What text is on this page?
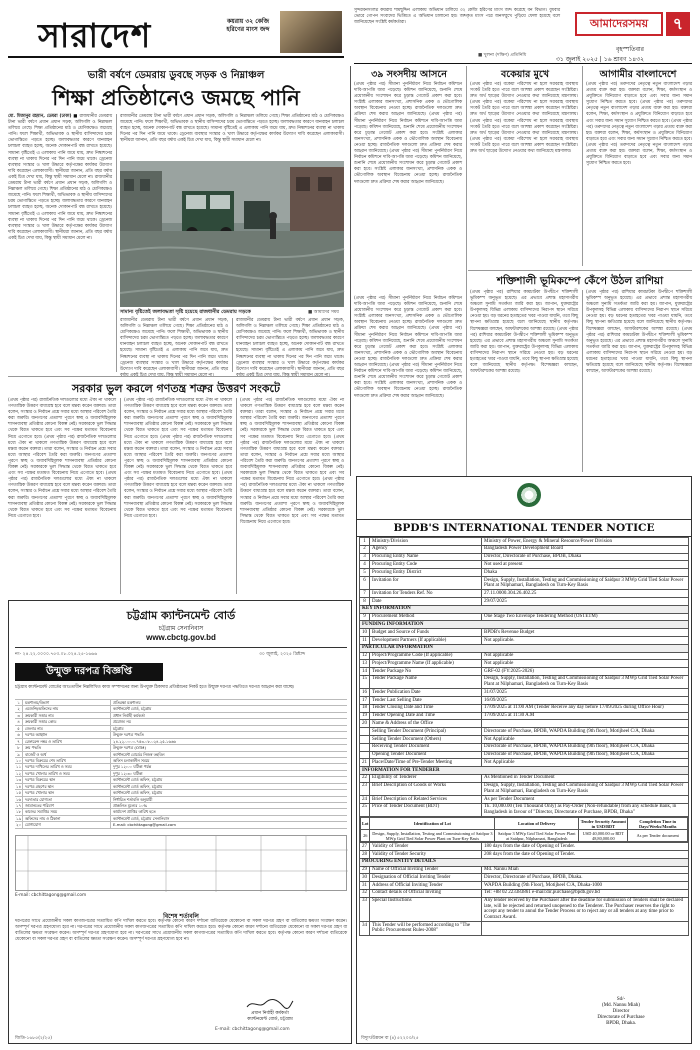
সারাদেশ	কয়রায় ৩২ কেজি হরিণের মাংস জব্দ
সুন্দরবনসংলগ্ন কয়রায় শামছুদ্দিন এলাকায় অভিযান চালিয়ে ৩২ কেজি হরিণের মাংস জব্দ করেছে বন বিভাগ। বুধবার ভোরে গোপন সংবাদের ভিত্তিতে এ অভিযান চালানো হয়। জব্দকৃত মাংস পরে জনসম্মুখে পুড়িয়ে ফেলা হয়েছে বলে জানিয়েছেন সংশ্লিষ্ট কর্মকর্তারা।
■ খুলনা (দক্ষিণ) প্রতিনিধি
আমাদেরসময়	৭
বৃহস্পতিবার
৩১ জুলাই ২০২৫ | ১৬ শ্রাবণ ১৪৩২
ভারী বর্ষণে ডেমরায় ডুবছে সড়ক ও নিম্নাঞ্চল
শিক্ষা প্রতিষ্ঠানেও জমছে পানি
মো. মিজানুর রহমান, ডেমরা (ঢাকা) ■ রাজধানীর ডেমরায় টানা ভারী বর্ষণে প্রধান প্রধান সড়ক, অলিগলি ও নিম্নাঞ্চল তলিয়ে গেছে। শিক্ষা প্রতিষ্ঠানের মাঠ ও শ্রেণিকক্ষেও জমেছে পানি। ফলে শিক্ষার্থী, অভিভাবক ও স্থানীয় বাসিন্দাদের চরম ভোগান্তিতে পড়তে হচ্ছে। জলাবদ্ধতার কারণে যানবাহন চলাচল ব্যাহত হচ্ছে, অনেক দোকানপাট বন্ধ রাখতে হয়েছে। সামান্য বৃষ্টিতেই এ এলাকায় পানি জমে যায়, দ্রুত নিষ্কাশনের ব্যবস্থা না থাকায় দিনের পর দিন পানি জমে থাকে। ড্রেনেজ ব্যবস্থার সংস্কার ও খাল উদ্ধারে কর্তৃপক্ষের কার্যকর উদ্যোগ দাবি করেছেন এলাকাবাসী। স্থানীয়রা জানান, প্রতি বছর বর্ষায় একই চিত্র দেখা যায়, কিন্তু স্থায়ী সমাধান মেলে না। রাজধানীর ডেমরায় টানা ভারী বর্ষণে প্রধান প্রধান সড়ক, অলিগলি ও নিম্নাঞ্চল তলিয়ে গেছে। শিক্ষা প্রতিষ্ঠানের মাঠ ও শ্রেণিকক্ষেও জমেছে পানি। ফলে শিক্ষার্থী, অভিভাবক ও স্থানীয় বাসিন্দাদের চরম ভোগান্তিতে পড়তে হচ্ছে। জলাবদ্ধতার কারণে যানবাহন চলাচল ব্যাহত হচ্ছে, অনেক দোকানপাট বন্ধ রাখতে হয়েছে। সামান্য বৃষ্টিতেই এ এলাকায় পানি জমে যায়, দ্রুত নিষ্কাশনের ব্যবস্থা না থাকায় দিনের পর দিন পানি জমে থাকে। ড্রেনেজ ব্যবস্থার সংস্কার ও খাল উদ্ধারে কর্তৃপক্ষের কার্যকর উদ্যোগ দাবি করেছেন এলাকাবাসী। স্থানীয়রা জানান, প্রতি বছর বর্ষায় একই চিত্র দেখা যায়, কিন্তু স্থায়ী সমাধান মেলে না।
রাজধানীর ডেমরায় টানা ভারী বর্ষণে প্রধান প্রধান সড়ক, অলিগলি ও নিম্নাঞ্চল তলিয়ে গেছে। শিক্ষা প্রতিষ্ঠানের মাঠ ও শ্রেণিকক্ষেও জমেছে পানি। ফলে শিক্ষার্থী, অভিভাবক ও স্থানীয় বাসিন্দাদের চরম ভোগান্তিতে পড়তে হচ্ছে। জলাবদ্ধতার কারণে যানবাহন চলাচল ব্যাহত হচ্ছে, অনেক দোকানপাট বন্ধ রাখতে হয়েছে। সামান্য বৃষ্টিতেই এ এলাকায় পানি জমে যায়, দ্রুত নিষ্কাশনের ব্যবস্থা না থাকায় দিনের পর দিন পানি জমে থাকে। ড্রেনেজ ব্যবস্থার সংস্কার ও খাল উদ্ধারে কর্তৃপক্ষের কার্যকর উদ্যোগ দাবি করেছেন এলাকাবাসী। স্থানীয়রা জানান, প্রতি বছর বর্ষায় একই চিত্র দেখা যায়, কিন্তু স্থায়ী সমাধান মেলে না।
সামান্য বৃষ্টিতেই জলাবদ্ধতা সৃষ্টি হয়েছে রাজধানীর ডেমরায় সড়কে	■ আমাদের সময়
রাজধানীর ডেমরায় টানা ভারী বর্ষণে প্রধান প্রধান সড়ক, অলিগলি ও নিম্নাঞ্চল তলিয়ে গেছে। শিক্ষা প্রতিষ্ঠানের মাঠ ও শ্রেণিকক্ষেও জমেছে পানি। ফলে শিক্ষার্থী, অভিভাবক ও স্থানীয় বাসিন্দাদের চরম ভোগান্তিতে পড়তে হচ্ছে। জলাবদ্ধতার কারণে যানবাহন চলাচল ব্যাহত হচ্ছে, অনেক দোকানপাট বন্ধ রাখতে হয়েছে। সামান্য বৃষ্টিতেই এ এলাকায় পানি জমে যায়, দ্রুত নিষ্কাশনের ব্যবস্থা না থাকায় দিনের পর দিন পানি জমে থাকে। ড্রেনেজ ব্যবস্থার সংস্কার ও খাল উদ্ধারে কর্তৃপক্ষের কার্যকর উদ্যোগ দাবি করেছেন এলাকাবাসী। স্থানীয়রা জানান, প্রতি বছর
রাজধানীর ডেমরায় টানা ভারী বর্ষণে প্রধান প্রধান সড়ক, অলিগলি ও নিম্নাঞ্চল তলিয়ে গেছে। শিক্ষা প্রতিষ্ঠানের মাঠ ও শ্রেণিকক্ষেও জমেছে পানি। ফলে শিক্ষার্থী, অভিভাবক ও স্থানীয় বাসিন্দাদের চরম ভোগান্তিতে পড়তে হচ্ছে। জলাবদ্ধতার কারণে যানবাহন চলাচল ব্যাহত হচ্ছে, অনেক দোকানপাট বন্ধ রাখতে হয়েছে। সামান্য বৃষ্টিতেই এ এলাকায় পানি জমে যায়, দ্রুত নিষ্কাশনের ব্যবস্থা না থাকায় দিনের পর দিন পানি জমে থাকে। ড্রেনেজ ব্যবস্থার সংস্কার ও খাল উদ্ধারে কর্তৃপক্ষের কার্যকর উদ্যোগ দাবি করেছেন এলাকাবাসী। স্থানীয়রা জানান, প্রতি বছর
সরকার ভুল করলে গণতন্ত্র শত্রুর উত্তরণ সংকটে
(প্রথম পৃষ্ঠার পর) রাজনৈতিক দলগুলোর মধ্যে ঐক্য না থাকলে গণতান্ত্রিক উত্তরণ বাধাগ্রস্ত হবে বলে মন্তব্য করেন বক্তারা। তারা বলেন, সংস্কার ও নির্বাচন প্রশ্নে সবার মধ্যে আস্থার পরিবেশ তৈরি করা জরুরি। জনগণের প্রত্যাশা পূরণে স্বচ্ছ ও জবাবদিহিমূলক শাসনব্যবস্থা প্রতিষ্ঠার কোনো বিকল্প নেই। সরকারকে ভুল সিদ্ধান্ত থেকে বিরত থাকতে হবে এবং সব পক্ষের মতামত বিবেচনায় নিয়ে এগোতে হবে। (প্রথম পৃষ্ঠার পর) রাজনৈতিক দলগুলোর মধ্যে ঐক্য না থাকলে গণতান্ত্রিক উত্তরণ বাধাগ্রস্ত হবে বলে মন্তব্য করেন বক্তারা। তারা বলেন, সংস্কার ও নির্বাচন প্রশ্নে সবার মধ্যে আস্থার পরিবেশ তৈরি করা জরুরি। জনগণের প্রত্যাশা পূরণে স্বচ্ছ ও জবাবদিহিমূলক শাসনব্যবস্থা প্রতিষ্ঠার কোনো বিকল্প নেই। সরকারকে ভুল সিদ্ধান্ত থেকে বিরত থাকতে হবে এবং সব পক্ষের মতামত বিবেচনায় নিয়ে এগোতে হবে। (প্রথম পৃষ্ঠার পর) রাজনৈতিক দলগুলোর মধ্যে ঐক্য না থাকলে গণতান্ত্রিক উত্তরণ বাধাগ্রস্ত হবে বলে মন্তব্য করেন বক্তারা। তারা বলেন, সংস্কার ও নির্বাচন প্রশ্নে সবার মধ্যে আস্থার পরিবেশ তৈরি করা জরুরি। জনগণের প্রত্যাশা পূরণে স্বচ্ছ ও জবাবদিহিমূলক শাসনব্যবস্থা প্রতিষ্ঠার কোনো বিকল্প নেই। সরকারকে ভুল সিদ্ধান্ত থেকে বিরত থাকতে হবে এবং সব পক্ষের মতামত বিবেচনায় নিয়ে এগোতে হবে।
(প্রথম পৃষ্ঠার পর) রাজনৈতিক দলগুলোর মধ্যে ঐক্য না থাকলে গণতান্ত্রিক উত্তরণ বাধাগ্রস্ত হবে বলে মন্তব্য করেন বক্তারা। তারা বলেন, সংস্কার ও নির্বাচন প্রশ্নে সবার মধ্যে আস্থার পরিবেশ তৈরি করা জরুরি। জনগণের প্রত্যাশা পূরণে স্বচ্ছ ও জবাবদিহিমূলক শাসনব্যবস্থা প্রতিষ্ঠার কোনো বিকল্প নেই। সরকারকে ভুল সিদ্ধান্ত থেকে বিরত থাকতে হবে এবং সব পক্ষের মতামত বিবেচনায় নিয়ে এগোতে হবে। (প্রথম পৃষ্ঠার পর) রাজনৈতিক দলগুলোর মধ্যে ঐক্য না থাকলে গণতান্ত্রিক উত্তরণ বাধাগ্রস্ত হবে বলে মন্তব্য করেন বক্তারা। তারা বলেন, সংস্কার ও নির্বাচন প্রশ্নে সবার মধ্যে আস্থার পরিবেশ তৈরি করা জরুরি। জনগণের প্রত্যাশা পূরণে স্বচ্ছ ও জবাবদিহিমূলক শাসনব্যবস্থা প্রতিষ্ঠার কোনো বিকল্প নেই। সরকারকে ভুল সিদ্ধান্ত থেকে বিরত থাকতে হবে এবং সব পক্ষের মতামত বিবেচনায় নিয়ে এগোতে হবে। (প্রথম পৃষ্ঠার পর) রাজনৈতিক দলগুলোর মধ্যে ঐক্য না থাকলে গণতান্ত্রিক উত্তরণ বাধাগ্রস্ত হবে বলে মন্তব্য করেন বক্তারা। তারা বলেন, সংস্কার ও নির্বাচন প্রশ্নে সবার মধ্যে আস্থার পরিবেশ তৈরি করা জরুরি। জনগণের প্রত্যাশা পূরণে স্বচ্ছ ও জবাবদিহিমূলক শাসনব্যবস্থা প্রতিষ্ঠার কোনো বিকল্প নেই। সরকারকে ভুল সিদ্ধান্ত থেকে বিরত থাকতে হবে এবং সব পক্ষের মতামত বিবেচনায় নিয়ে এগোতে হবে।
(প্রথম পৃষ্ঠার পর) রাজনৈতিক দলগুলোর মধ্যে ঐক্য না থাকলে গণতান্ত্রিক উত্তরণ বাধাগ্রস্ত হবে বলে মন্তব্য করেন বক্তারা। তারা বলেন, সংস্কার ও নির্বাচন প্রশ্নে সবার মধ্যে আস্থার পরিবেশ তৈরি করা জরুরি। জনগণের প্রত্যাশা পূরণে স্বচ্ছ ও জবাবদিহিমূলক শাসনব্যবস্থা প্রতিষ্ঠার কোনো বিকল্প নেই। সরকারকে ভুল সিদ্ধান্ত থেকে বিরত থাকতে হবে এবং সব পক্ষের মতামত বিবেচনায় নিয়ে এগোতে হবে। (প্রথম পৃষ্ঠার পর) রাজনৈতিক দলগুলোর মধ্যে ঐক্য না থাকলে গণতান্ত্রিক উত্তরণ বাধাগ্রস্ত হবে বলে মন্তব্য করেন বক্তারা। তারা বলেন, সংস্কার ও নির্বাচন প্রশ্নে সবার মধ্যে আস্থার পরিবেশ তৈরি করা জরুরি। জনগণের প্রত্যাশা পূরণে স্বচ্ছ ও জবাবদিহিমূলক শাসনব্যবস্থা প্রতিষ্ঠার কোনো বিকল্প নেই। সরকারকে ভুল সিদ্ধান্ত থেকে বিরত থাকতে হবে এবং সব পক্ষের মতামত বিবেচনায় নিয়ে এগোতে হবে। (প্রথম পৃষ্ঠার পর) রাজনৈতিক দলগুলোর মধ্যে ঐক্য না থাকলে গণতান্ত্রিক উত্তরণ বাধাগ্রস্ত হবে বলে মন্তব্য করেন বক্তারা। তারা বলেন, সংস্কার ও নির্বাচন প্রশ্নে সবার মধ্যে আস্থার পরিবেশ তৈরি করা জরুরি। জনগণের প্রত্যাশা পূরণে স্বচ্ছ ও জবাবদিহিমূলক শাসনব্যবস্থা প্রতিষ্ঠার কোনো বিকল্প নেই। সরকারকে ভুল সিদ্ধান্ত থেকে বিরত থাকতে হবে এবং সব পক্ষের মতামত বিবেচনায় নিয়ে এগোতে হবে।
৩৯ সংসদীয় আসনে
(প্রথম পৃষ্ঠার পর) সীমানা পুনর্নির্ধারণ নিয়ে নির্বাচন কমিশনে দাবি-আপত্তি জমা পড়েছে। কমিশন জানিয়েছে, শুনানি শেষে প্রয়োজনীয় সংশোধন করে চূড়ান্ত গেজেট প্রকাশ করা হবে। সংশ্লিষ্ট এলাকার জনসংখ্যা, প্রশাসনিক একক ও ভৌগোলিক অবস্থান বিবেচনায় নেওয়া হচ্ছে। রাজনৈতিক দলগুলো দ্রুত প্রক্রিয়া শেষ করার আহ্বান জানিয়েছে। (প্রথম পৃষ্ঠার পর) সীমানা পুনর্নির্ধারণ নিয়ে নির্বাচন কমিশনে দাবি-আপত্তি জমা পড়েছে। কমিশন জানিয়েছে, শুনানি শেষে প্রয়োজনীয় সংশোধন করে চূড়ান্ত গেজেট প্রকাশ করা হবে। সংশ্লিষ্ট এলাকার জনসংখ্যা, প্রশাসনিক একক ও ভৌগোলিক অবস্থান বিবেচনায় নেওয়া হচ্ছে। রাজনৈতিক দলগুলো দ্রুত প্রক্রিয়া শেষ করার আহ্বান জানিয়েছে। (প্রথম পৃষ্ঠার পর) সীমানা পুনর্নির্ধারণ নিয়ে নির্বাচন কমিশনে দাবি-আপত্তি জমা পড়েছে। কমিশন জানিয়েছে, শুনানি শেষে প্রয়োজনীয় সংশোধন করে চূড়ান্ত গেজেট প্রকাশ করা হবে। সংশ্লিষ্ট এলাকার জনসংখ্যা, প্রশাসনিক একক ও ভৌগোলিক অবস্থান বিবেচনায় নেওয়া হচ্ছে। রাজনৈতিক দলগুলো দ্রুত প্রক্রিয়া শেষ করার আহ্বান জানিয়েছে।
(প্রথম পৃষ্ঠার পর) সীমানা পুনর্নির্ধারণ নিয়ে নির্বাচন কমিশনে দাবি-আপত্তি জমা পড়েছে। কমিশন জানিয়েছে, শুনানি শেষে প্রয়োজনীয় সংশোধন করে চূড়ান্ত গেজেট প্রকাশ করা হবে। সংশ্লিষ্ট এলাকার জনসংখ্যা, প্রশাসনিক একক ও ভৌগোলিক অবস্থান বিবেচনায় নেওয়া হচ্ছে। রাজনৈতিক দলগুলো দ্রুত প্রক্রিয়া শেষ করার আহ্বান জানিয়েছে। (প্রথম পৃষ্ঠার পর) সীমানা পুনর্নির্ধারণ নিয়ে নির্বাচন কমিশনে দাবি-আপত্তি জমা পড়েছে। কমিশন জানিয়েছে, শুনানি শেষে প্রয়োজনীয় সংশোধন করে চূড়ান্ত গেজেট প্রকাশ করা হবে। সংশ্লিষ্ট এলাকার জনসংখ্যা, প্রশাসনিক একক ও ভৌগোলিক অবস্থান বিবেচনায় নেওয়া হচ্ছে। রাজনৈতিক দলগুলো দ্রুত প্রক্রিয়া শেষ করার আহ্বান জানিয়েছে। (প্রথম পৃষ্ঠার পর) সীমানা পুনর্নির্ধারণ নিয়ে নির্বাচন কমিশনে দাবি-আপত্তি জমা পড়েছে। কমিশন জানিয়েছে, শুনানি শেষে প্রয়োজনীয় সংশোধন করে চূড়ান্ত গেজেট প্রকাশ করা হবে। সংশ্লিষ্ট এলাকার জনসংখ্যা, প্রশাসনিক একক ও ভৌগোলিক অবস্থান বিবেচনায় নেওয়া হচ্ছে। রাজনৈতিক দলগুলো দ্রুত প্রক্রিয়া শেষ করার আহ্বান জানিয়েছে।
বকেয়ার মুখে
(প্রথম পৃষ্ঠার পর) বকেয়া পরিশোধ না হলে সরবরাহ ব্যবস্থায় সংকট তৈরি হতে পারে বলে আশঙ্কা প্রকাশ করেছেন সংশ্লিষ্টরা। দ্রুত অর্থ ছাড়ের উদ্যোগ নেওয়ার কথা জানিয়েছে মন্ত্রণালয়। (প্রথম পৃষ্ঠার পর) বকেয়া পরিশোধ না হলে সরবরাহ ব্যবস্থায় সংকট তৈরি হতে পারে বলে আশঙ্কা প্রকাশ করেছেন সংশ্লিষ্টরা। দ্রুত অর্থ ছাড়ের উদ্যোগ নেওয়ার কথা জানিয়েছে মন্ত্রণালয়। (প্রথম পৃষ্ঠার পর) বকেয়া পরিশোধ না হলে সরবরাহ ব্যবস্থায় সংকট তৈরি হতে পারে বলে আশঙ্কা প্রকাশ করেছেন সংশ্লিষ্টরা। দ্রুত অর্থ ছাড়ের উদ্যোগ নেওয়ার কথা জানিয়েছে মন্ত্রণালয়। (প্রথম পৃষ্ঠার পর) বকেয়া পরিশোধ না হলে সরবরাহ ব্যবস্থায় সংকট তৈরি হতে পারে বলে আশঙ্কা প্রকাশ করেছেন সংশ্লিষ্টরা। দ্রুত অর্থ ছাড়ের উদ্যোগ নেওয়ার কথা জানিয়েছে মন্ত্রণালয়।
আগামীর বাংলাদেশে
(প্রথম পৃষ্ঠার পর) তরুণদের নেতৃত্বে নতুন বাংলাদেশ গড়ার প্রত্যয় ব্যক্ত করা হয়। বক্তারা বলেন, শিক্ষা, কর্মসংস্থান ও প্রযুক্তিতে বিনিয়োগ বাড়াতে হবে এবং সবার জন্য সমান সুযোগ নিশ্চিত করতে হবে। (প্রথম পৃষ্ঠার পর) তরুণদের নেতৃত্বে নতুন বাংলাদেশ গড়ার প্রত্যয় ব্যক্ত করা হয়। বক্তারা বলেন, শিক্ষা, কর্মসংস্থান ও প্রযুক্তিতে বিনিয়োগ বাড়াতে হবে এবং সবার জন্য সমান সুযোগ নিশ্চিত করতে হবে। (প্রথম পৃষ্ঠার পর) তরুণদের নেতৃত্বে নতুন বাংলাদেশ গড়ার প্রত্যয় ব্যক্ত করা হয়। বক্তারা বলেন, শিক্ষা, কর্মসংস্থান ও প্রযুক্তিতে বিনিয়োগ বাড়াতে হবে এবং সবার জন্য সমান সুযোগ নিশ্চিত করতে হবে। (প্রথম পৃষ্ঠার পর) তরুণদের নেতৃত্বে নতুন বাংলাদেশ গড়ার প্রত্যয় ব্যক্ত করা হয়। বক্তারা বলেন, শিক্ষা, কর্মসংস্থান ও প্রযুক্তিতে বিনিয়োগ বাড়াতে হবে এবং সবার জন্য সমান সুযোগ নিশ্চিত করতে হবে।
শক্তিশালী ভূমিকম্পে কেঁপে উঠল রাশিয়া
(প্রথম পৃষ্ঠার পর) রাশিয়ার কামচাটকা উপদ্বীপে শক্তিশালী ভূমিকম্প অনুভূত হয়েছে। এর প্রভাবে প্রশান্ত মহাসাগরীয় অঞ্চলে সুনামি সতর্কতা জারি করা হয়। জাপান, যুক্তরাষ্ট্রের উপকূলসহ বিভিন্ন এলাকায় বাসিন্দাদের নিরাপদ স্থানে সরিয়ে নেওয়া হয়। বড় ধরনের হতাহতের খবর পাওয়া যায়নি, তবে কিছু স্থাপনা ক্ষতিগ্রস্ত হয়েছে বলে জানিয়েছে স্থানীয় কর্তৃপক্ষ। বিশেষজ্ঞরা বলছেন, আফটারশকের আশঙ্কা রয়েছে। (প্রথম পৃষ্ঠার পর) রাশিয়ার কামচাটকা উপদ্বীপে শক্তিশালী ভূমিকম্প অনুভূত হয়েছে। এর প্রভাবে প্রশান্ত মহাসাগরীয় অঞ্চলে সুনামি সতর্কতা জারি করা হয়। জাপান, যুক্তরাষ্ট্রের উপকূলসহ বিভিন্ন এলাকায় বাসিন্দাদের নিরাপদ স্থানে সরিয়ে নেওয়া হয়। বড় ধরনের হতাহতের খবর পাওয়া যায়নি, তবে কিছু স্থাপনা ক্ষতিগ্রস্ত হয়েছে বলে জানিয়েছে স্থানীয় কর্তৃপক্ষ। বিশেষজ্ঞরা বলছেন, আফটারশকের আশঙ্কা রয়েছে।
(প্রথম পৃষ্ঠার পর) রাশিয়ার কামচাটকা উপদ্বীপে শক্তিশালী ভূমিকম্প অনুভূত হয়েছে। এর প্রভাবে প্রশান্ত মহাসাগরীয় অঞ্চলে সুনামি সতর্কতা জারি করা হয়। জাপান, যুক্তরাষ্ট্রের উপকূলসহ বিভিন্ন এলাকায় বাসিন্দাদের নিরাপদ স্থানে সরিয়ে নেওয়া হয়। বড় ধরনের হতাহতের খবর পাওয়া যায়নি, তবে কিছু স্থাপনা ক্ষতিগ্রস্ত হয়েছে বলে জানিয়েছে স্থানীয় কর্তৃপক্ষ। বিশেষজ্ঞরা বলছেন, আফটারশকের আশঙ্কা রয়েছে। (প্রথম পৃষ্ঠার পর) রাশিয়ার কামচাটকা উপদ্বীপে শক্তিশালী ভূমিকম্প অনুভূত হয়েছে। এর প্রভাবে প্রশান্ত মহাসাগরীয় অঞ্চলে সুনামি সতর্কতা জারি করা হয়। জাপান, যুক্তরাষ্ট্রের উপকূলসহ বিভিন্ন এলাকায় বাসিন্দাদের নিরাপদ স্থানে সরিয়ে নেওয়া হয়। বড় ধরনের হতাহতের খবর পাওয়া যায়নি, তবে কিছু স্থাপনা ক্ষতিগ্রস্ত হয়েছে বলে জানিয়েছে স্থানীয় কর্তৃপক্ষ। বিশেষজ্ঞরা বলছেন, আফটারশকের আশঙ্কা রয়েছে।
চট্টগ্রাম ক্যান্টনমেন্ট বোর্ড
চট্টগ্রাম সেনানিবাস
www.cbctg.gov.bd
নং- ২৪.২২.০০০০.৭৫৩.০৮.০২৪.২৫-১৬৬৬	৩০ জুলাই, ২০২৫ খ্রিষ্টাব্দ
উন্মুক্ত দরপত্র বিজ্ঞপ্তি
চট্টগ্রাম ক্যান্টনমেন্ট বোর্ডের আওতাধীন নিম্নলিখিত কাজ সম্পাদনের জন্য উপযুক্ত ঠিকাদার প্রতিষ্ঠানের নিকট হতে উন্মুক্ত দরপত্র পদ্ধতিতে দরপত্র আহ্বান করা যাচ্ছে।
১	মন্ত্রণালয়/বিভাগ	প্রতিরক্ষা মন্ত্রণালয়
২	এজেন্সি/অফিসের নাম	ক্যান্টনমেন্ট বোর্ড, চট্টগ্রাম
৩	ক্রয়কারী সত্তার নাম	প্রধান নির্বাহী কর্মকর্তা
৪	ক্রয়কারী সত্তার কোড	প্রযোজ্য নয়
৫	জেলার নাম	চট্টগ্রাম
৬	দরপত্র আহ্বান	উন্মুক্ত দরপত্র পদ্ধতি
৭	রেফারেন্স নম্বর ও তারিখ	২৪.২২.০০০০.৭৫৩.০৮.০২৪.২৫-১৬৬৬
৮	ক্রয় পদ্ধতি	উন্মুক্ত দরপত্র (OTM)
৯	বাজেট ও অর্থ	ক্যান্টনমেন্ট বোর্ডের নিজস্ব তহবিল
১০	দরপত্র বিক্রয়ের শেষ তারিখ	অফিস চলাকালীন সময়ে
১১	দরপত্র দাখিলের তারিখ ও সময়	দুপুর ১২:০০ ঘটিকা পর্যন্ত
১২	দরপত্র খোলার তারিখ ও সময়	দুপুর ১২:৩০ ঘটিকা
১৩	দরপত্র বিক্রয়ের স্থান	ক্যান্টনমেন্ট বোর্ড অফিস, চট্টগ্রাম
১৪	দরপত্র গ্রহণের স্থান	ক্যান্টনমেন্ট বোর্ড অফিস, চট্টগ্রাম
১৫	দরপত্র খোলার স্থান	ক্যান্টনমেন্ট বোর্ড অফিস, চট্টগ্রাম
১৬	দরদাতার যোগ্যতা	নির্ধারিত শর্তাবলি অনুযায়ী
১৭	জামানতের পরিমাণ	প্রাক্কলিত মূল্যের ১০%
১৮	কাজের সমাপ্তির সময়	কার্যাদেশ প্রাপ্তির তারিখ হতে
১৯	অফিসের নাম ও ঠিকানা	ক্যান্টনমেন্ট বোর্ড, চট্টগ্রাম সেনানিবাস
২০	যোগাযোগ	E-mail: cbchittagong@gmail.com
E-mail: cbchittagong@gmail.com
বিশেষ শর্তাবলি
দরপত্রের সাথে প্রয়োজনীয় সকল কাগজপত্রের সত্যায়িত কপি দাখিল করতে হবে। কর্তৃপক্ষ কোনো কারণ দর্শানো ব্যতিরেকে যেকোনো বা সকল দরপত্র গ্রহণ বা বাতিলের ক্ষমতা সংরক্ষণ করেন। অসম্পূর্ণ দরপত্র গ্রহণযোগ্য হবে না। দরপত্রের সাথে প্রয়োজনীয় সকল কাগজপত্রের সত্যায়িত কপি দাখিল করতে হবে। কর্তৃপক্ষ কোনো কারণ দর্শানো ব্যতিরেকে যেকোনো বা সকল দরপত্র গ্রহণ বা বাতিলের ক্ষমতা সংরক্ষণ করেন। অসম্পূর্ণ দরপত্র গ্রহণযোগ্য হবে না। দরপত্রের সাথে প্রয়োজনীয় সকল কাগজপত্রের সত্যায়িত কপি দাখিল করতে হবে। কর্তৃপক্ষ কোনো কারণ দর্শানো ব্যতিরেকে যেকোনো বা সকল দরপত্র গ্রহণ বা বাতিলের ক্ষমতা সংরক্ষণ করেন। অসম্পূর্ণ দরপত্র গ্রহণযোগ্য হবে না।
প্রধান নির্বাহী কর্মকর্তা
ক্যান্টনমেন্ট বোর্ড, চট্টগ্রাম
E-mail: cbchittagong@gmail.com
জিডি-১৬৮৫(২/২৫)
BPDB'S INTERNATIONAL TENDER NOTICE
1	Ministry/Division	Ministry of Power, Energy & Mineral Resource/Power Division
2	Agency	Bangladesh Power Development Board
3	Procuring Entity Name	Director, Directorate of Purchase, BPDB, Dhaka
4	Procuring Entity Code	Not used at present
5	Procuring Entity District	Dhaka
6	Invitation for	Design, Supply, Installation, Testing and Commissioning of Saidpur 3 MWp Grid Tied Solar Power Plant at Nilphamari, Bangladesh on Turn-Key Basis
7	Invitation for Tenders Ref. No	27.11.0000.304.26.402.25
8	Date	29/07/2025
KEY INFORMATION
9	Procurement Method	One Stage Two Envelope Tendering Method (OSTETM)
FUNDING INFORMATION
10	Budget and Source of Funds	BPDB's Revenue Budget
11	Development Partners (If applicable)	Not applicable.
PARTICULAR INFORMATION
12	Project/Programme Code (If applicable)	Not applicable
13	Project/Programme Name (If applicable)	Not applicable
14	Tender Package No	GRF-02 (FY:2025-2026)
15	Tender Package Name	Design, Supply, Installation, Testing and Commissioning of Saidpur 3 MWp Grid Tied Solar Power Plant at Nilphamari, Bangladesh on Turn-Key Basis
16	Tender Publication Date	31/07/2025
17	Tender Last Selling Date	16/09/2025
18	Tender Closing Date and Time	17/09/2025 at 11:00 AM (Tender Receive any day before 17/09/2025 during Office Hour)
19	Tender Opening Date and Time	17/09/2025 at 11:30 A.M
20	Name & Address of the Office	
	Selling Tender Document (Principal)	Directorate of Purchase, BPDB, WAPDA Building (9th floor), Motijheel C/A, Dhaka
	Selling Tender Document (Others)	Not Applicable
	Receiving Tender Document	Directorate of Purchase, BPDB, WAPDA Building (9th floor), Motijheel C/A, Dhaka
	Opening Tender Document	Directorate of Purchase, BPDB, WAPDA Building (9th floor), Motijheel C/A, Dhaka
21	Place/Date/Time of Pre-Tender Meeting	Not Applicable
INFORMATION FOR TENDERER
22	Eligibility of Tenderer	As Mentioned in Tender Document
23	Brief Description of Goods or Works	Design, Supply, Installation, Testing and Commissioning of Saidpur 3 MWp Grid Tied Solar Power Plant at Nilphamari, Bangladesh on Turn-Key Basis
24	Brief Description of Related Services	As per Tender Document
25	Price of Tender Document (BDT)	Tk. 10,000.00 (Ten Thousand Only) as Pay-Order (Non-refundable) from any schedule Bank, in Bangladesh in favour of "Director, Directorate of Purchase, BPDB, Dhaka"

Lot	Identification of Lot	Location of Delivery	Tender Security Amount in USD/BDT	Completion Time in Days/Weeks/Months
26	Design, Supply, Installation, Testing and Commissioning of Saidpur 3 MWp Grid Tied Solar Power Plant on Turn-Key Basis	Saidpur 3 MWp Grid Tied Solar Power Plant at Saidpur, Nilphamari, Bangladesh	USD 40,000.00 or BDT 48,80,000.00	As per Tender document

27	Validity of Tender	180 days from the date of Opening of Tender.
28	Validity of Tender Security	208 days from the date of Opening of Tender.
PROCURING ENTITY DETAILS
29	Name of Official Inviting Tender	Md. Nannu Miah
30	Designation of Official Inviting Tender	Director, Directorate of Purchase, BPDB, Dhaka.
31	Address of Official Inviting Tender	WAPDA Building (9th Floor), Motijheel C/A, Dhaka-1000
32	Contact details of Official Inviting	Tel: +88 02 223383861 e-mail:dir.purchase@bpdb.gov.bd
33	Special Instructions	Any tender received by the Purchaser after the deadline for submission of Tenders shall be declared late, will be rejected and returned unopened to the Tenderer. The Purchaser reserves the right to accept any tender to annul the Tender Process or to reject any or all tenders at any time prior to Contract Award.
34	This Tender will be performed according to "The Public Procurement Rules-2008"	
Sd/-
(Md. Nannu Miah)
Director
Directorate of Purchase
BPDB, Dhaka.
বিদ্যুৎ/উন্নয়ন বা (৪) ৫২২০০/২৫
